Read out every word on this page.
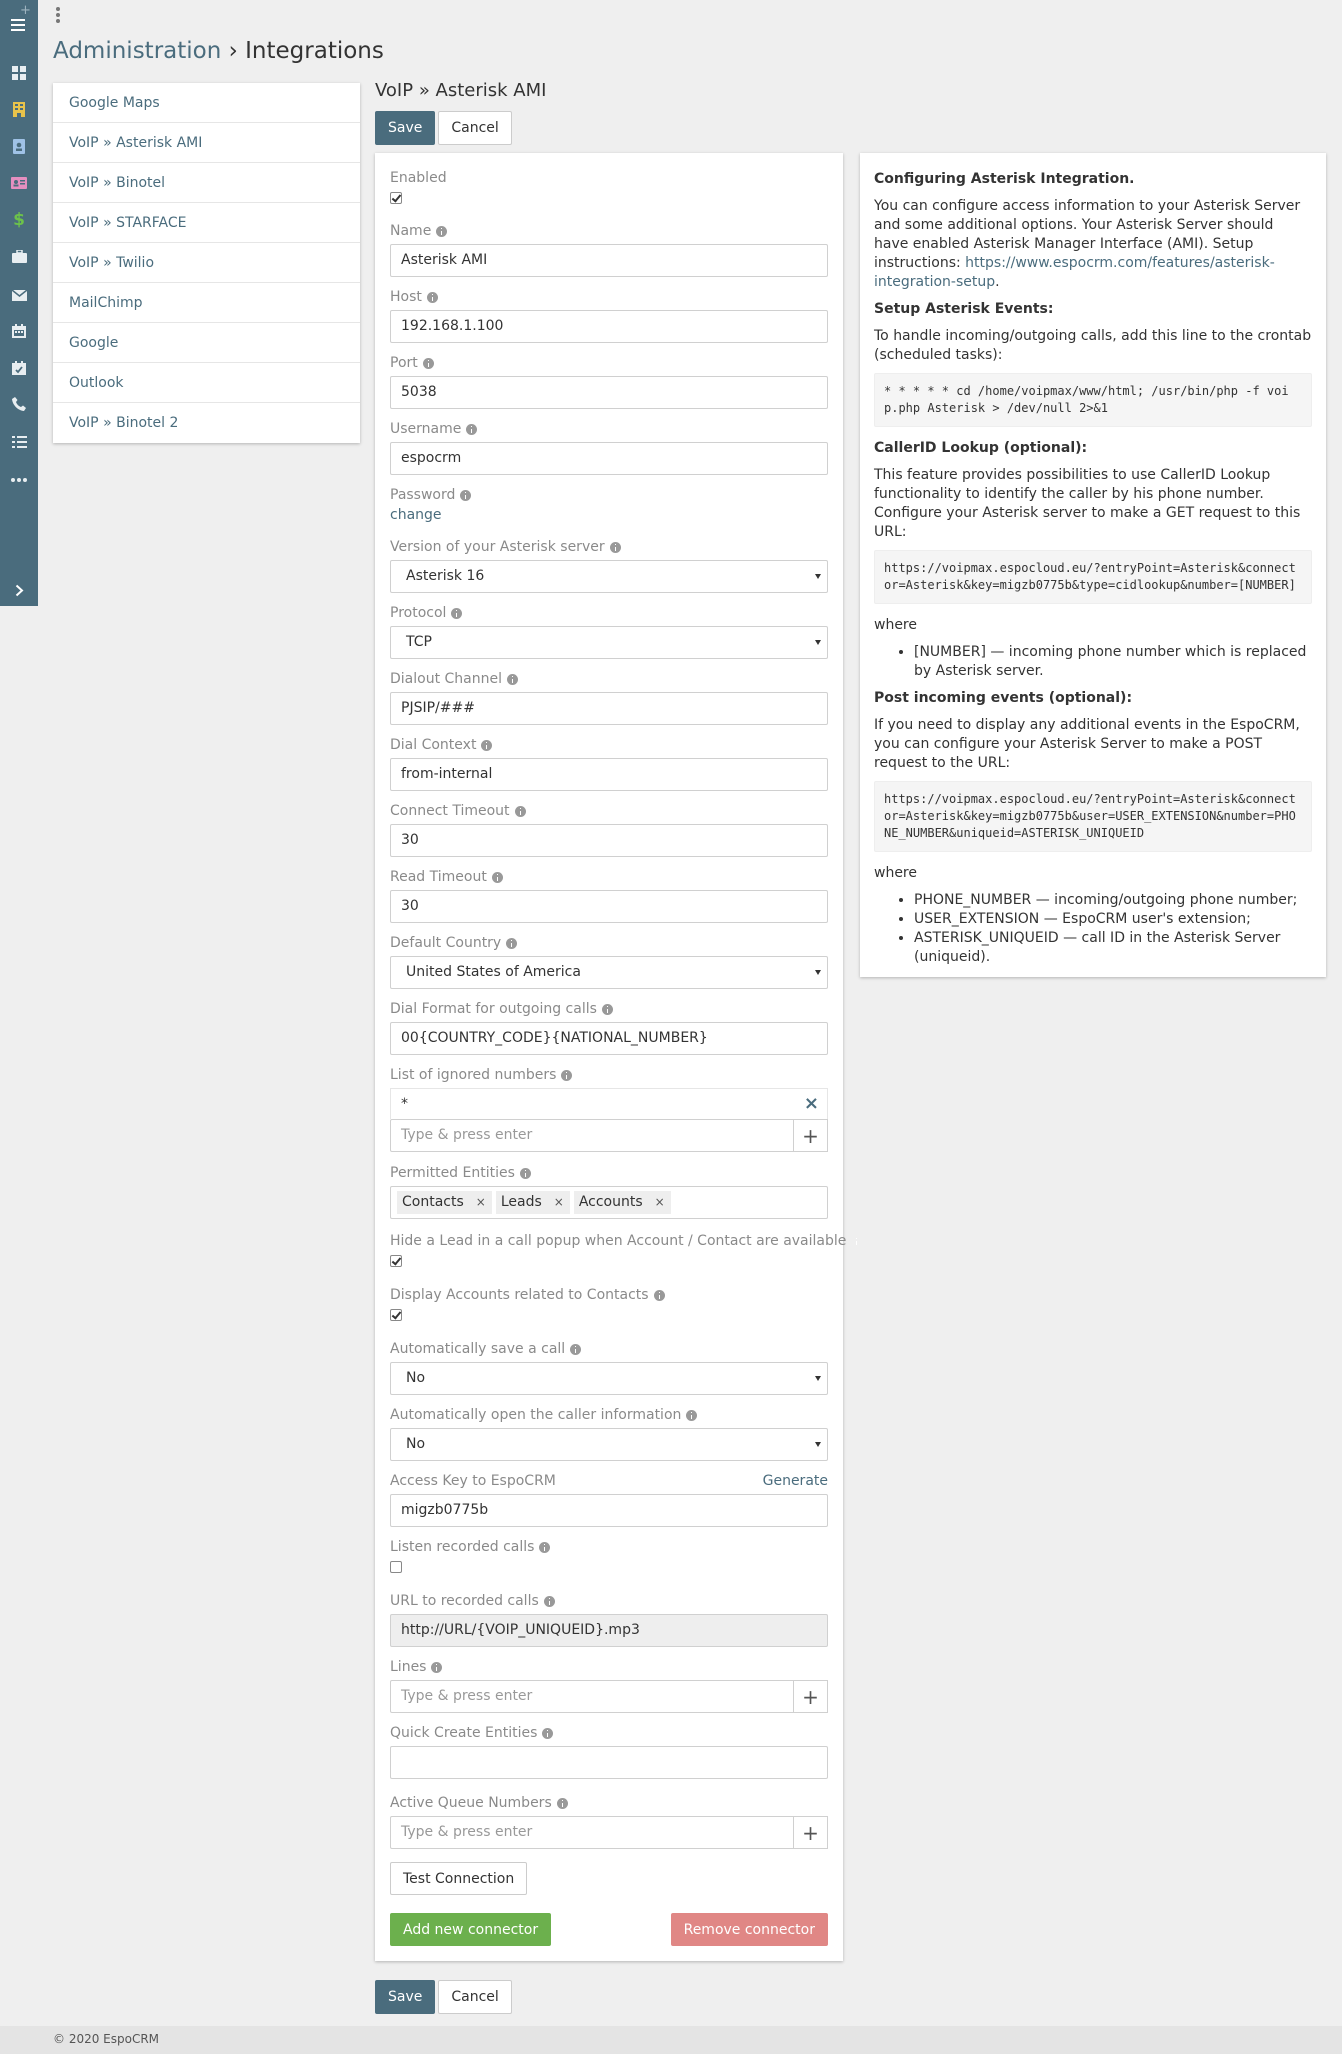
+
$
Administration › Integrations
Google Maps
VoIP » Asterisk AMI
VoIP » Binotel
VoIP » STARFACE
VoIP » Twilio
MailChimp
Google
Outlook
VoIP » Binotel 2
VoIP » Asterisk AMI
Save	Cancel
Enabled
Name
Asterisk AMI
Host
192.168.1.100
Port
5038
Username
espocrm
Password
change
Version of your Asterisk server
Asterisk 16
Protocol
TCP
Dialout Channel
PJSIP/###
Dial Context
from-internal
Connect Timeout
30
Read Timeout
30
Default Country
United States of America
Dial Format for outgoing calls
00{COUNTRY_CODE}{NATIONAL_NUMBER}
List of ignored numbers
*	×
Type & press enter	+
Permitted Entities
Contacts × Leads × Accounts ×
Hide a Lead in a call popup when Account / Contact are available
Display Accounts related to Contacts
Automatically save a call
No
Automatically open the caller information
No
Access Key to EspoCRM	Generate
migzb0775b
Listen recorded calls
URL to recorded calls
http://URL/{VOIP_UNIQUEID}.mp3
Lines
Type & press enter	+
Quick Create Entities
Active Queue Numbers
Type & press enter	+
Test Connection
Add new connector	Remove connector
Save	Cancel

Configuring Asterisk Integration.

You can configure access information to your Asterisk Server and some additional options. Your Asterisk Server should have enabled Asterisk Manager Interface (AMI). Setup instructions: https://www.espocrm.com/features/asterisk-integration-setup.

Setup Asterisk Events:

To handle incoming/outgoing calls, add this line to the crontab (scheduled tasks):

* * * * * cd /home/voipmax/www/html; /usr/bin/php -f voip.php Asterisk > /dev/null 2>&1

CallerID Lookup (optional):

This feature provides possibilities to use CallerID Lookup functionality to identify the caller by his phone number. Configure your Asterisk server to make a GET request to this URL:

https://voipmax.espocloud.eu/?entryPoint=Asterisk&connector=Asterisk&key=migzb0775b&type=cidlookup&number=[NUMBER]

where

• [NUMBER] — incoming phone number which is replaced by Asterisk server.

Post incoming events (optional):

If you need to display any additional events in the EspoCRM, you can configure your Asterisk Server to make a POST request to the URL:

https://voipmax.espocloud.eu/?entryPoint=Asterisk&connector=Asterisk&key=migzb0775b&user=USER_EXTENSION&number=PHONE_NUMBER&uniqueid=ASTERISK_UNIQUEID

where

• PHONE_NUMBER — incoming/outgoing phone number;
• USER_EXTENSION — EspoCRM user's extension;
• ASTERISK_UNIQUEID — call ID in the Asterisk Server (uniqueid).
© 2020 EspoCRM
